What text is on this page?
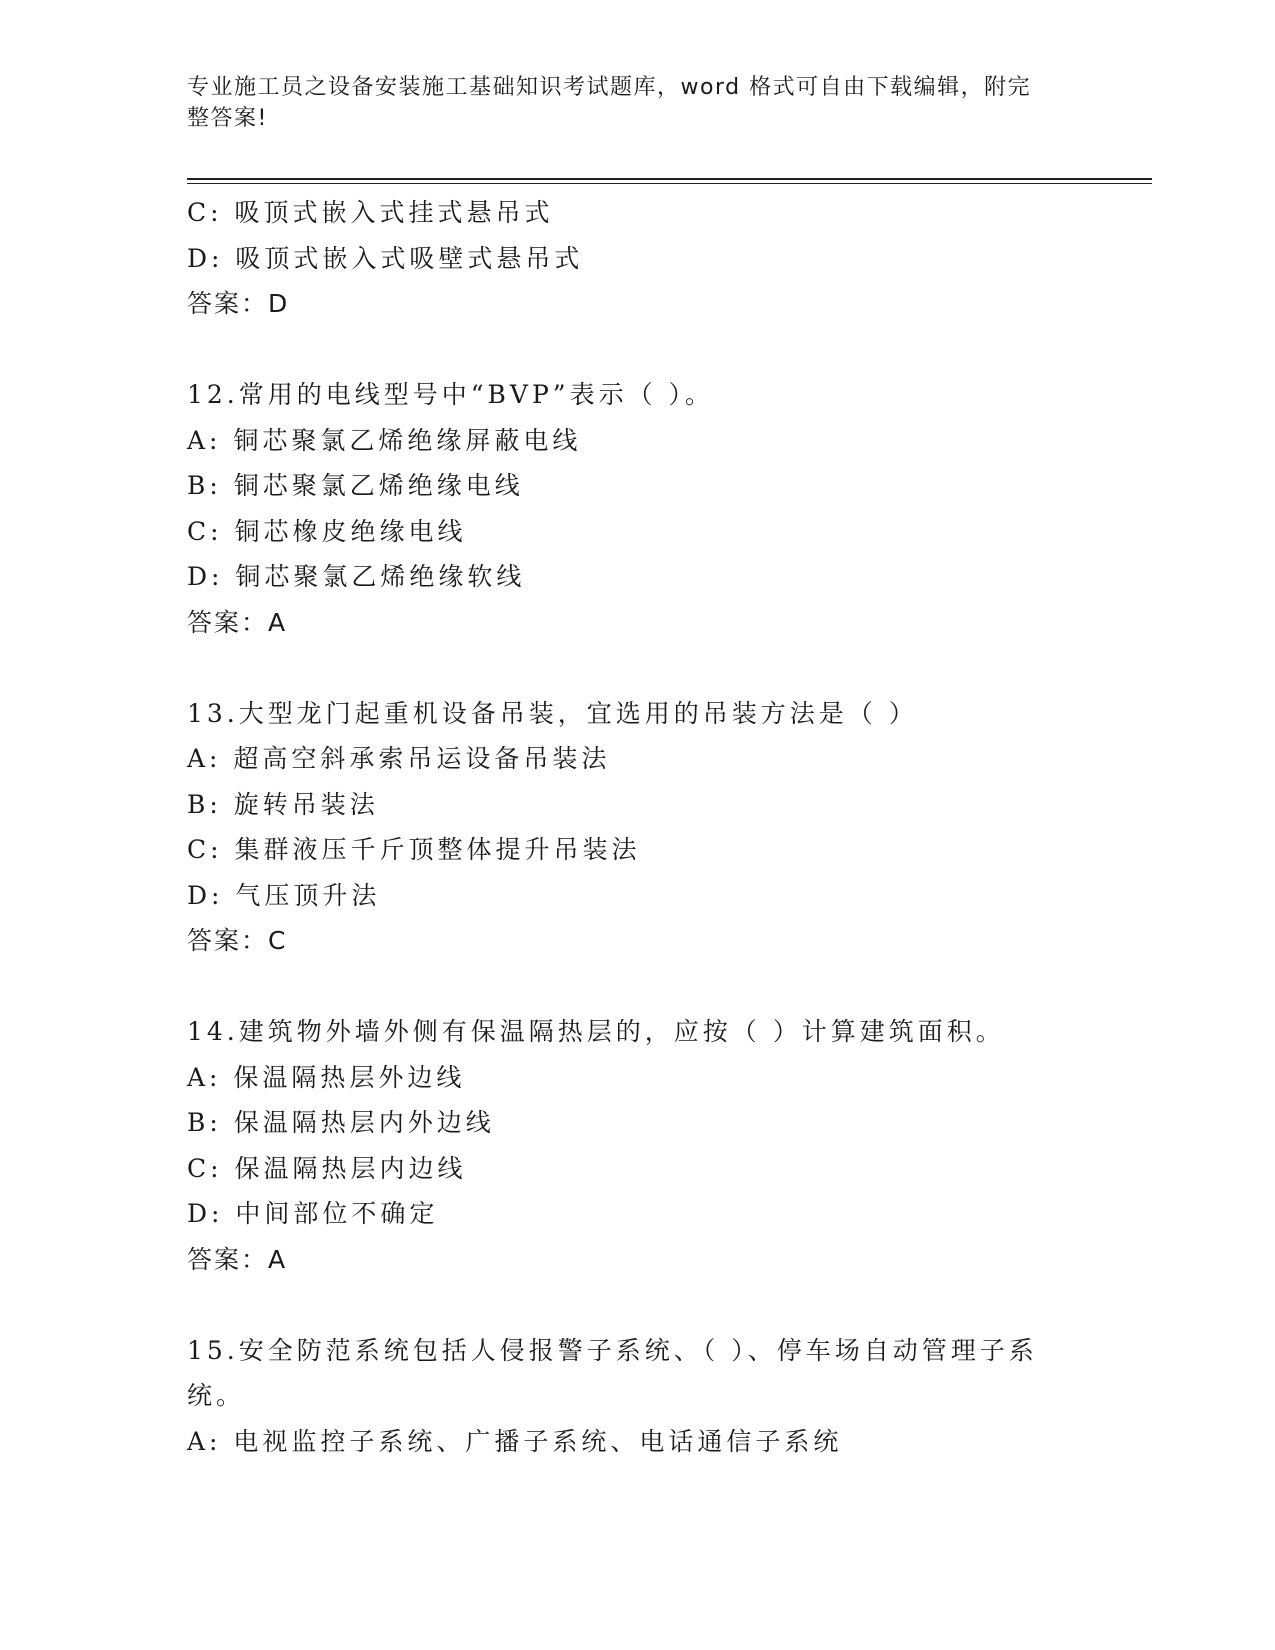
专业施工员之设备安装施工基础知识考试题库，word 格式可自由下载编辑，附完
整答案!
C: 吸顶式嵌入式挂式悬吊式
D: 吸顶式嵌入式吸壁式悬吊式
答案：D
12.常用的电线型号中“BVP”表示（ ）。
A: 铜芯聚氯乙烯绝缘屏蔽电线
B: 铜芯聚氯乙烯绝缘电线
C: 铜芯橡皮绝缘电线
D: 铜芯聚氯乙烯绝缘软线
答案：A
13.大型龙门起重机设备吊装，宜选用的吊装方法是（ ）
A: 超高空斜承索吊运设备吊装法
B: 旋转吊装法
C: 集群液压千斤顶整体提升吊装法
D: 气压顶升法
答案：C
14.建筑物外墙外侧有保温隔热层的，应按（ ）计算建筑面积。
A: 保温隔热层外边线
B: 保温隔热层内外边线
C: 保温隔热层内边线
D: 中间部位不确定
答案：A
15.安全防范系统包括人侵报警子系统、（ ）、停车场自动管理子系
统。
A: 电视监控子系统、广播子系统、电话通信子系统
